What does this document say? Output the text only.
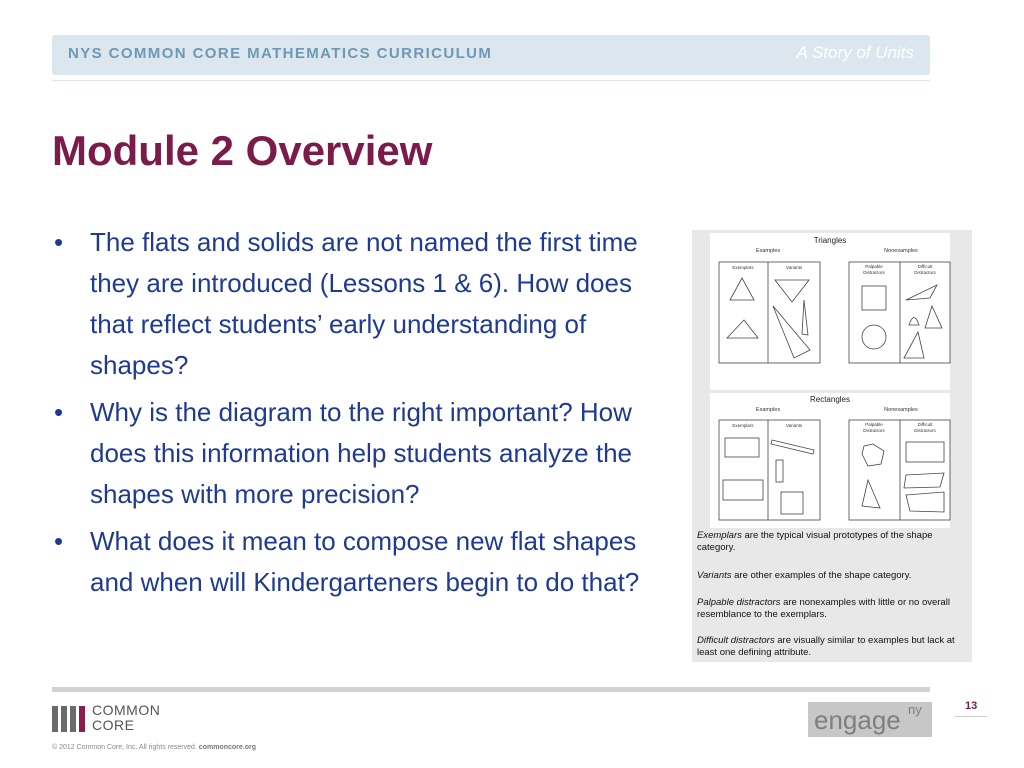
NYS COMMON CORE MATHEMATICS CURRICULUM	A Story of Units
Module 2 Overview
• The flats and solids are not named the first time they are introduced (Lessons 1 & 6). How does that reflect students’ early understanding of shapes?
• Why is the diagram to the right important? How does this information help students analyze the shapes with more precision?
• What does it mean to compose new flat shapes and when will Kindergarteners begin to do that?
Triangles
Examples	Nonexamples
Rectangles
Examples	Nonexamples
Exemplars	Variants	Palpable
Distractors
Difficult
Distractors
Exemplars	Variants	Palpable
Distractors
Difficult
Distractors
Exemplars are the typical visual prototypes of the shape category.
Variants are other examples of the shape category.
Palpable distractors are nonexamples with little or no overall resemblance to the exemplars.
Difficult distractors are visually similar to examples but lack at least one defining attribute.
COMMON
CORE
© 2012 Common Core, Inc. All rights reserved. commoncore.org
13
engage ny
